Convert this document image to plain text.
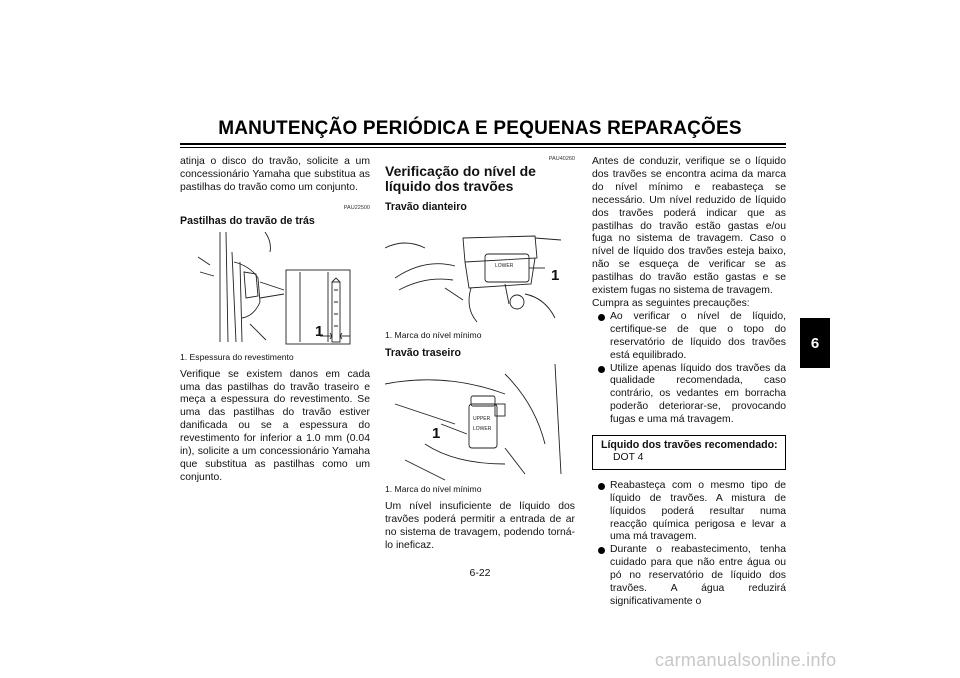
MANUTENÇÃO PERIÓDICA E PEQUENAS REPARAÇÕES

atinja o disco do travão, solicite a um concessionário Yamaha que substitua as pastilhas do travão como um conjunto.

PAU22500

Pastilhas do travão de trás
1
1. Espessura do revestimento

Verifique se existem danos em cada uma das pastilhas do travão traseiro e meça a espessura do revestimento. Se uma das pastilhas do travão estiver danificada ou se a espessura do revestimento for inferior a 1.0 mm (0.04 in), solicite a um concessionário Yamaha que substitua as pastilhas como um conjunto.

PAU40260

Verificação do nível de líquido dos travões
Travão dianteiro
LOWER
1
1. Marca do nível mínimo
Travão traseiro
UPPER
LOWER
1
1. Marca do nível mínimo

Um nível insuficiente de líquido dos travões poderá permitir a entrada de ar no sistema de travagem, podendo torná-lo ineficaz.

Antes de conduzir, verifique se o líquido dos travões se encontra acima da marca do nível mínimo e reabasteça se necessário. Um nível reduzido de líquido dos travões poderá indicar que as pastilhas do travão estão gastas e/ou fuga no sistema de travagem. Caso o nível de líquido dos travões esteja baixo, não se esqueça de verificar se as pastilhas do travão estão gastas e se existem fugas no sistema de travagem.

Cumpra as seguintes precauções:

Ao verificar o nível de líquido, certifique-se de que o topo do reservatório de líquido dos travões está equilibrado.
Utilize apenas líquido dos travões da qualidade recomendada, caso contrário, os vedantes em borracha poderão deteriorar-se, provocando fugas e uma má travagem.
Líquido dos travões recomendado:
DOT 4
Reabasteça com o mesmo tipo de líquido de travões. A mistura de líquidos poderá resultar numa reacção química perigosa e levar a uma má travagem.
Durante o reabastecimento, tenha cuidado para que não entre água ou pó no reservatório de líquido dos travões. A água reduzirá significativamente o
6
6-22
carmanualsonline.info
